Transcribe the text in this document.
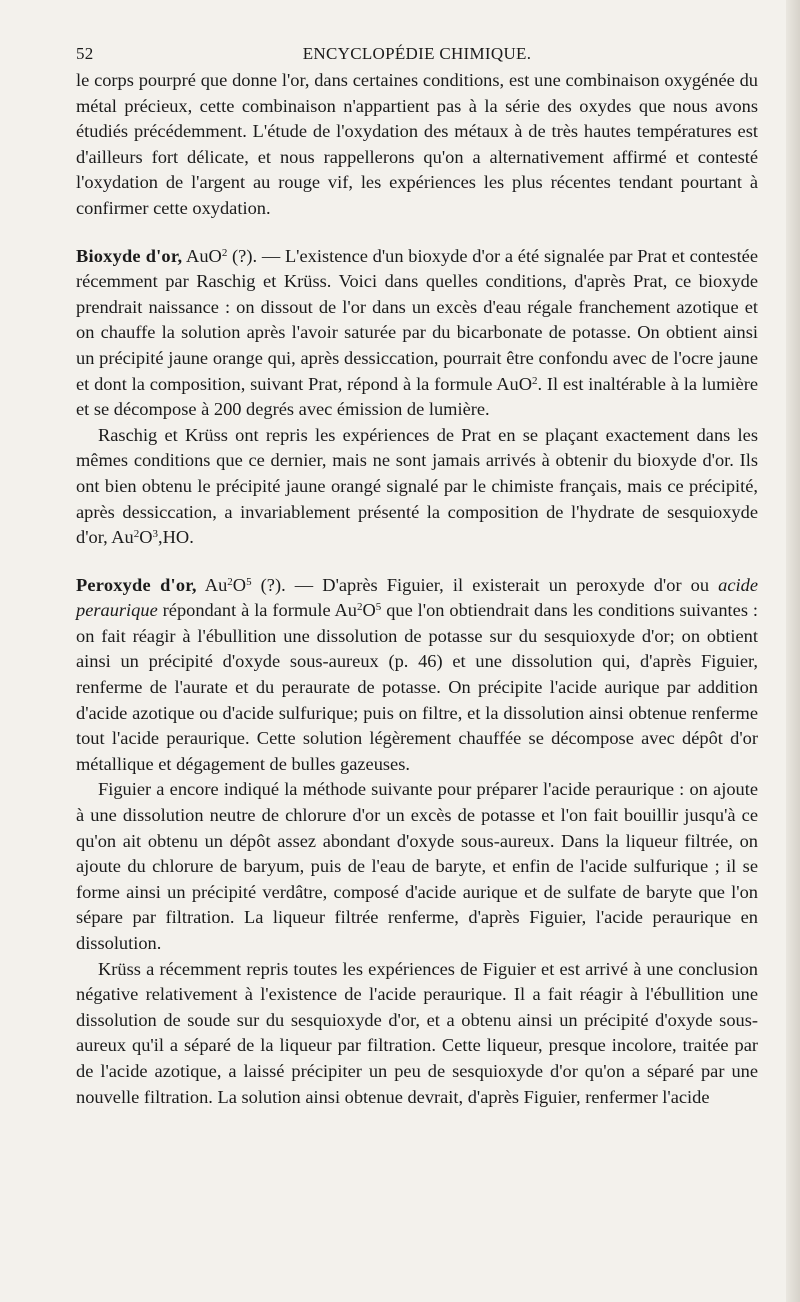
52	ENCYCLOPÉDIE CHIMIQUE.

le corps pourpré que donne l'or, dans certaines conditions, est une combinaison oxygénée du métal précieux, cette combinaison n'appartient pas à la série des oxydes que nous avons étudiés précédemment. L'étude de l'oxydation des métaux à de très hautes températures est d'ailleurs fort délicate, et nous rappellerons qu'on a alternativement affirmé et contesté l'oxydation de l'argent au rouge vif, les expériences les plus récentes tendant pourtant à confirmer cette oxydation.

Bioxyde d'or, AuO$^2$ (?). — L'existence d'un bioxyde d'or a été signalée par Prat et contestée récemment par Raschig et Krüss. Voici dans quelles conditions, d'après Prat, ce bioxyde prendrait naissance : on dissout de l'or dans un excès d'eau régale franchement azotique et on chauffe la solution après l'avoir saturée par du bicarbonate de potasse. On obtient ainsi un précipité jaune orange qui, après dessiccation, pourrait être confondu avec de l'ocre jaune et dont la composition, suivant Prat, répond à la formule AuO$^2$. Il est inaltérable à la lumière et se décompose à 200 degrés avec émission de lumière.

Raschig et Krüss ont repris les expériences de Prat en se plaçant exactement dans les mêmes conditions que ce dernier, mais ne sont jamais arrivés à obtenir du bioxyde d'or. Ils ont bien obtenu le précipité jaune orangé signalé par le chimiste français, mais ce précipité, après dessiccation, a invariablement présenté la composition de l'hydrate de sesquioxyde d'or, $Au^2O^3,HO$.

Peroxyde d'or, $Au^2O^5$ (?). — D'après Figuier, il existerait un peroxyde d'or ou acide peraurique répondant à la formule $Au^2O^5$ que l'on obtiendrait dans les conditions suivantes : on fait réagir à l'ébullition une dissolution de potasse sur du sesquioxyde d'or; on obtient ainsi un précipité d'oxyde sous-aureux (p. 46) et une dissolution qui, d'après Figuier, renferme de l'aurate et du peraurate de potasse. On précipite l'acide aurique par addition d'acide azotique ou d'acide sulfurique; puis on filtre, et la dissolution ainsi obtenue renferme tout l'acide peraurique. Cette solution légèrement chauffée se décompose avec dépôt d'or métallique et dégagement de bulles gazeuses.

Figuier a encore indiqué la méthode suivante pour préparer l'acide peraurique : on ajoute à une dissolution neutre de chlorure d'or un excès de potasse et l'on fait bouillir jusqu'à ce qu'on ait obtenu un dépôt assez abondant d'oxyde sous-aureux. Dans la liqueur filtrée, on ajoute du chlorure de baryum, puis de l'eau de baryte, et enfin de l'acide sulfurique ; il se forme ainsi un précipité verdâtre, composé d'acide aurique et de sulfate de baryte que l'on sépare par filtration. La liqueur filtrée renferme, d'après Figuier, l'acide peraurique en dissolution.

Krüss a récemment repris toutes les expériences de Figuier et est arrivé à une conclusion négative relativement à l'existence de l'acide peraurique. Il a fait réagir à l'ébullition une dissolution de soude sur du sesquioxyde d'or, et a obtenu ainsi un précipité d'oxyde sous-aureux qu'il a séparé de la liqueur par filtration. Cette liqueur, presque incolore, traitée par de l'acide azotique, a laissé précipiter un peu de sesquioxyde d'or qu'on a séparé par une nouvelle filtration. La solution ainsi obtenue devrait, d'après Figuier, renfermer l'acide
